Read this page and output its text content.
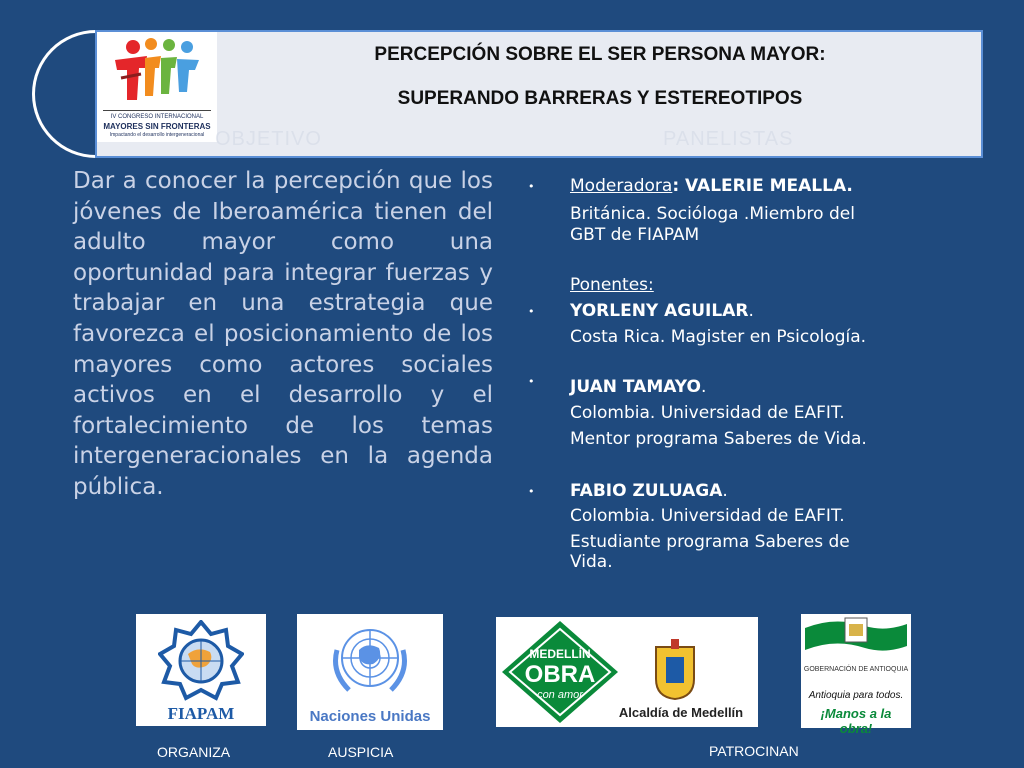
IV CONGRESO INTERNACIONAL
MAYORES SIN FRONTERAS
Impactando el desarrollo intergeneracional
PERCEPCIÓN SOBRE EL SER PERSONA MAYOR:
SUPERANDO BARRERAS Y ESTEREOTIPOS
OBJETIVO	PANELISTAS
Dar a conocer la percepción que los jóvenes de Iberoamérica tienen del adulto mayor como una oportunidad para integrar fuerzas y trabajar en una estrategia que favorezca el posicionamiento de los mayores como actores sociales activos en el desarrollo y el fortalecimiento de los temas intergeneracionales en la agenda pública.
• Moderadora: VALERIE MEALLA.
Británica. Socióloga .Miembro del
GBT de FIAPAM
Ponentes:
• YORLENY AGUILAR.
Costa Rica. Magister en Psicología.
• JUAN TAMAYO.
Colombia. Universidad de EAFIT.
Mentor programa Saberes de Vida.
• FABIO ZULUAGA.
Colombia. Universidad de EAFIT.
Estudiante programa Saberes de
Vida.
FIAPAM	Naciones Unidas
MEDELLÍN
OBRA
con amor
Alcaldía de Medellín
GOBERNACIÓN DE ANTIOQUIA
Antioquia para todos.
¡Manos a la obra!
ORGANIZA	AUSPICIA	PATROCINAN
